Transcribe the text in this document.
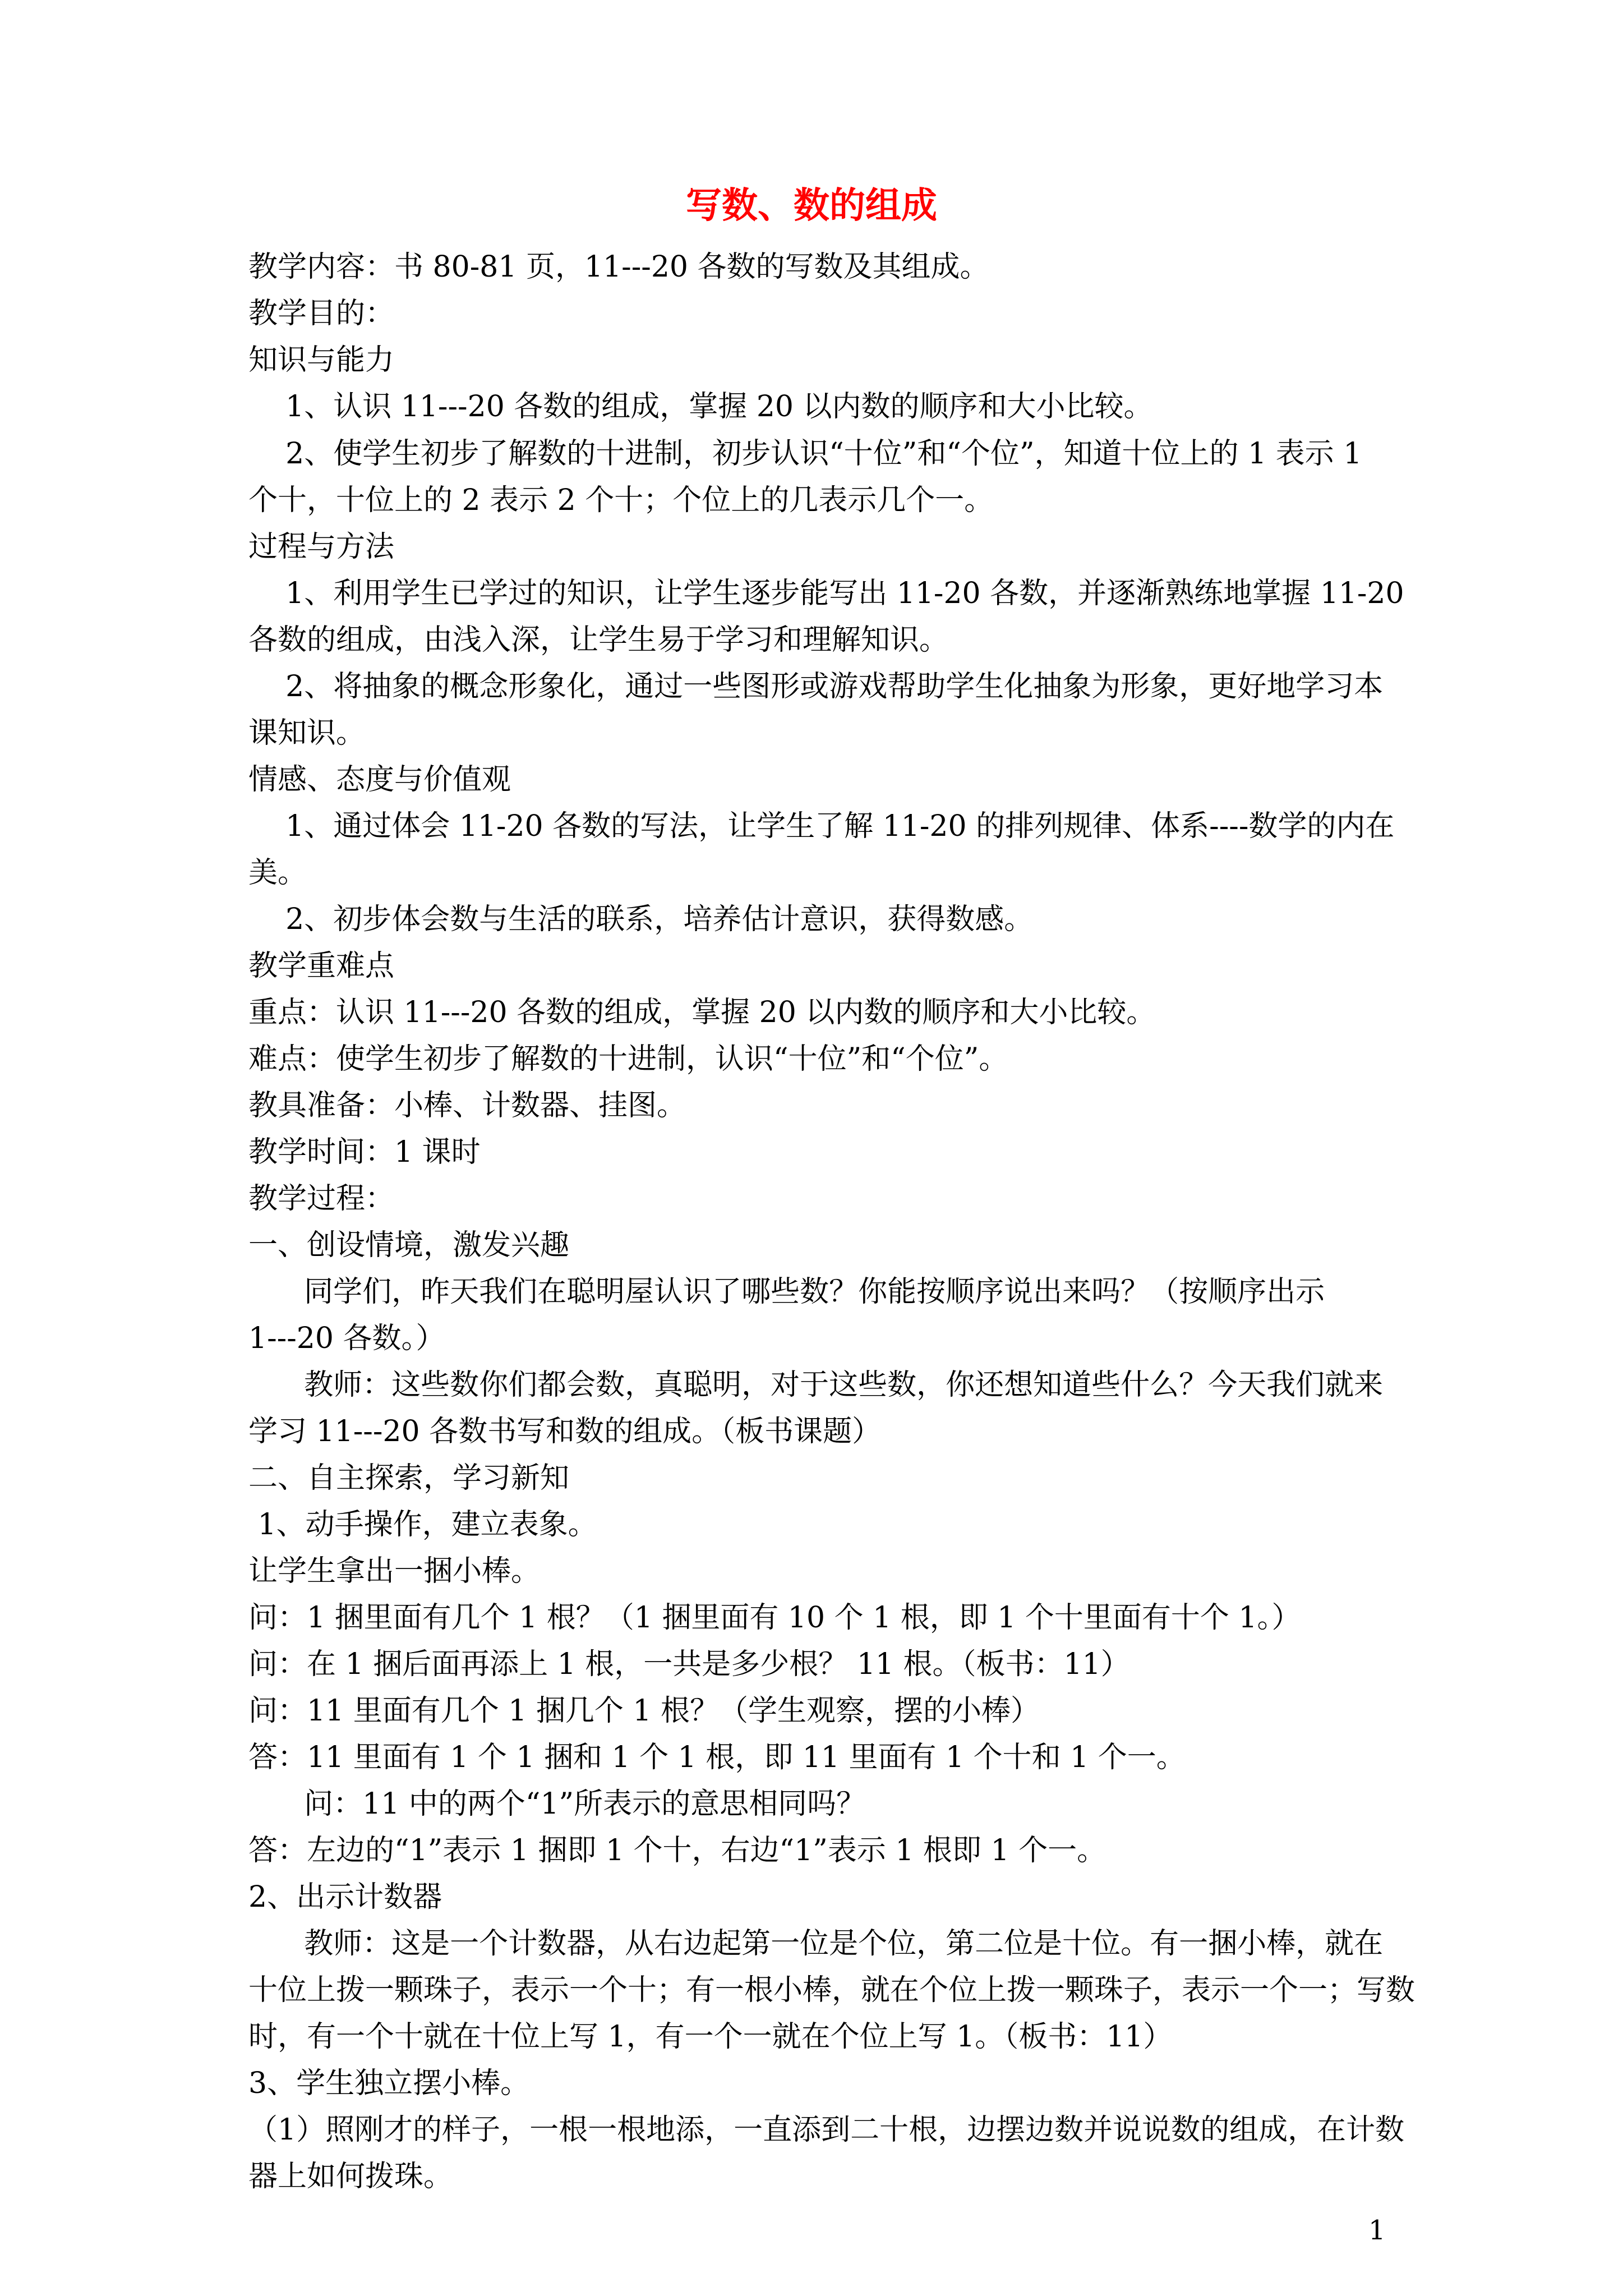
写数、数的组成
教学内容：书 80-81 页，11---20 各数的写数及其组成。
教学目的：
知识与能力
1、认识 11---20 各数的组成，掌握 20 以内数的顺序和大小比较。
2、使学生初步了解数的十进制，初步认识“十位”和“个位”，知道十位上的 1 表示 1
个十，十位上的 2 表示 2 个十；个位上的几表示几个一。
过程与方法
1、利用学生已学过的知识，让学生逐步能写出 11-20 各数，并逐渐熟练地掌握 11-20
各数的组成，由浅入深，让学生易于学习和理解知识。
2、将抽象的概念形象化，通过一些图形或游戏帮助学生化抽象为形象，更好地学习本
课知识。
情感、态度与价值观
1、通过体会 11-20 各数的写法，让学生了解 11-20 的排列规律、体系----数学的内在
美。
2、初步体会数与生活的联系，培养估计意识，获得数感。
教学重难点
重点：认识 11---20 各数的组成，掌握 20 以内数的顺序和大小比较。
难点：使学生初步了解数的十进制，认识“十位”和“个位”。
教具准备：小棒、计数器、挂图。
教学时间：1 课时
教学过程：
一、创设情境，激发兴趣
同学们，昨天我们在聪明屋认识了哪些数？你能按顺序说出来吗？（按顺序出示
1---20 各数。）
教师：这些数你们都会数，真聪明，对于这些数，你还想知道些什么？今天我们就来
学习 11---20 各数书写和数的组成。（板书课题）
二、自主探索，学习新知
1、动手操作，建立表象。
让学生拿出一捆小棒。
问：1 捆里面有几个 1 根？（1 捆里面有 10 个 1 根，即 1 个十里面有十个 1。）
问：在 1 捆后面再添上 1 根，一共是多少根？ 11 根。（板书：11）
问：11 里面有几个 1 捆几个 1 根？（学生观察，摆的小棒）
答：11 里面有 1 个 1 捆和 1 个 1 根，即 11 里面有 1 个十和 1 个一。
问：11 中的两个“1”所表示的意思相同吗？
答：左边的“1”表示 1 捆即 1 个十，右边“1”表示 1 根即 1 个一。
2、出示计数器
教师：这是一个计数器，从右边起第一位是个位，第二位是十位。有一捆小棒，就在
十位上拨一颗珠子，表示一个十；有一根小棒，就在个位上拨一颗珠子，表示一个一；写数
时，有一个十就在十位上写 1，有一个一就在个位上写 1。（板书：11）
3、学生独立摆小棒。
（1）照刚才的样子，一根一根地添，一直添到二十根，边摆边数并说说数的组成，在计数
器上如何拨珠。
1
